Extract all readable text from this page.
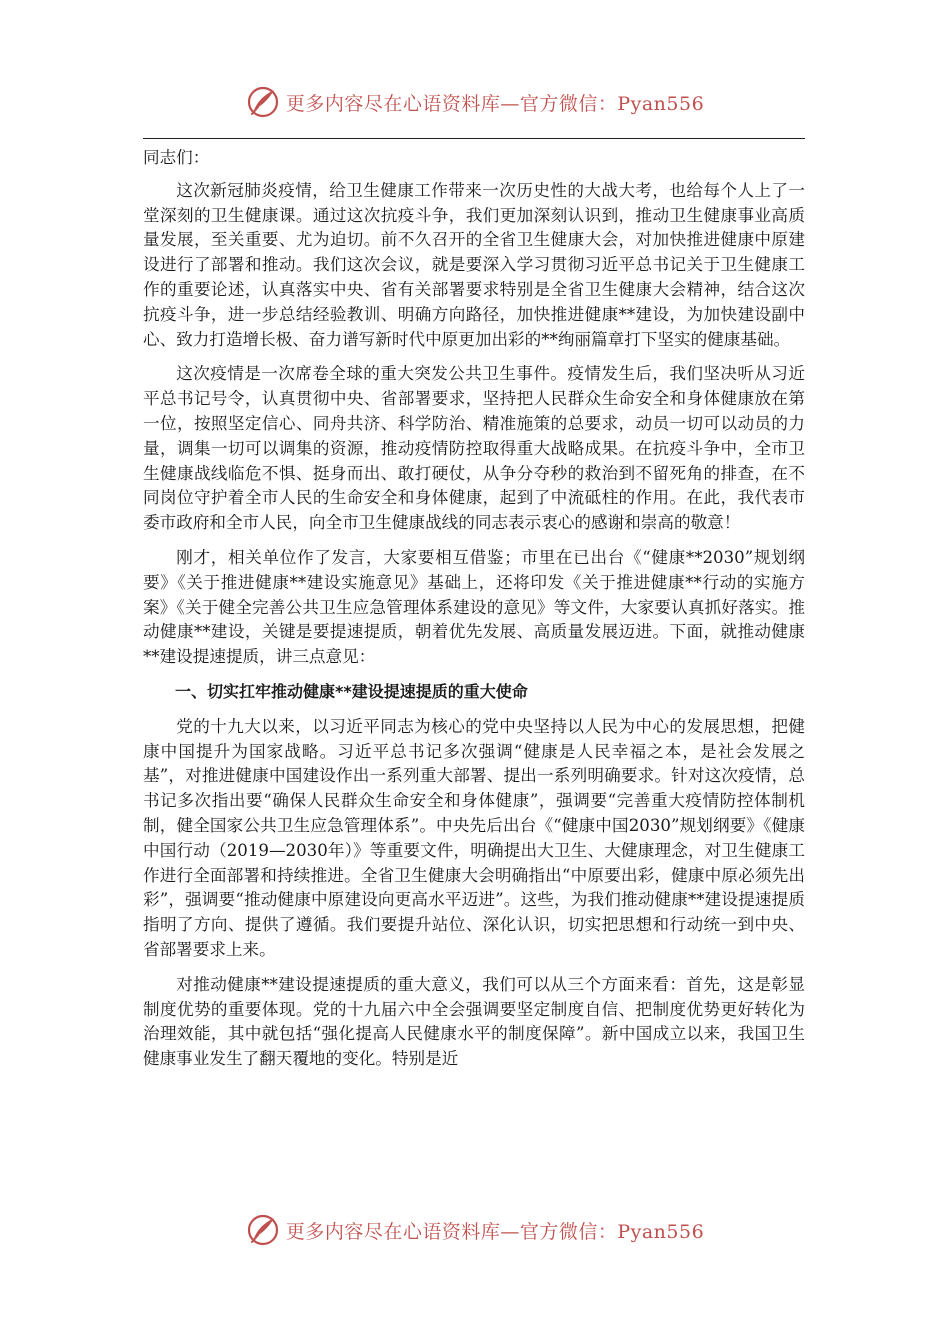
更多内容尽在心语资料库—官方微信：Pyan556

同志们：

这次新冠肺炎疫情，给卫生健康工作带来一次历史性的大战大考，也给每个人上了一堂深刻的卫生健康课。通过这次抗疫斗争，我们更加深刻认识到，推动卫生健康事业高质量发展，至关重要、尤为迫切。前不久召开的全省卫生健康大会，对加快推进健康中原建设进行了部署和推动。我们这次会议，就是要深入学习贯彻习近平总书记关于卫生健康工作的重要论述，认真落实中央、省有关部署要求特别是全省卫生健康大会精神，结合这次抗疫斗争，进一步总结经验教训、明确方向路径，加快推进健康**建设，为加快建设副中心、致力打造增长极、奋力谱写新时代中原更加出彩的**绚丽篇章打下坚实的健康基础。

这次疫情是一次席卷全球的重大突发公共卫生事件。疫情发生后，我们坚决听从习近平总书记号令，认真贯彻中央、省部署要求，坚持把人民群众生命安全和身体健康放在第一位，按照坚定信心、同舟共济、科学防治、精准施策的总要求，动员一切可以动员的力量，调集一切可以调集的资源，推动疫情防控取得重大战略成果。在抗疫斗争中，全市卫生健康战线临危不惧、挺身而出、敢打硬仗，从争分夺秒的救治到不留死角的排查，在不同岗位守护着全市人民的生命安全和身体健康，起到了中流砥柱的作用。在此，我代表市委市政府和全市人民，向全市卫生健康战线的同志表示衷心的感谢和崇高的敬意！

刚才，相关单位作了发言，大家要相互借鉴；市里在已出台《“健康**2030”规划纲要》《关于推进健康**建设实施意见》基础上，还将印发《关于推进健康**行动的实施方案》《关于健全完善公共卫生应急管理体系建设的意见》等文件，大家要认真抓好落实。推动健康**建设，关键是要提速提质，朝着优先发展、高质量发展迈进。下面，就推动健康**建设提速提质，讲三点意见：

一、切实扛牢推动健康**建设提速提质的重大使命

党的十九大以来，以习近平同志为核心的党中央坚持以人民为中心的发展思想，把健康中国提升为国家战略。习近平总书记多次强调“健康是人民幸福之本，是社会发展之基”，对推进健康中国建设作出一系列重大部署、提出一系列明确要求。针对这次疫情，总书记多次指出要“确保人民群众生命安全和身体健康”，强调要“完善重大疫情防控体制机制，健全国家公共卫生应急管理体系”。中央先后出台《“健康中国2030”规划纲要》《健康中国行动（2019—2030年）》等重要文件，明确提出大卫生、大健康理念，对卫生健康工作进行全面部署和持续推进。全省卫生健康大会明确指出“中原要出彩，健康中原必须先出彩”，强调要“推动健康中原建设向更高水平迈进”。这些，为我们推动健康**建设提速提质指明了方向、提供了遵循。我们要提升站位、深化认识，切实把思想和行动统一到中央、省部署要求上来。

对推动健康**建设提速提质的重大意义，我们可以从三个方面来看：首先，这是彰显制度优势的重要体现。党的十九届六中全会强调要坚定制度自信、把制度优势更好转化为治理效能，其中就包括“强化提高人民健康水平的制度保障”。新中国成立以来，我国卫生健康事业发生了翻天覆地的变化。特别是近

更多内容尽在心语资料库—官方微信：Pyan556
